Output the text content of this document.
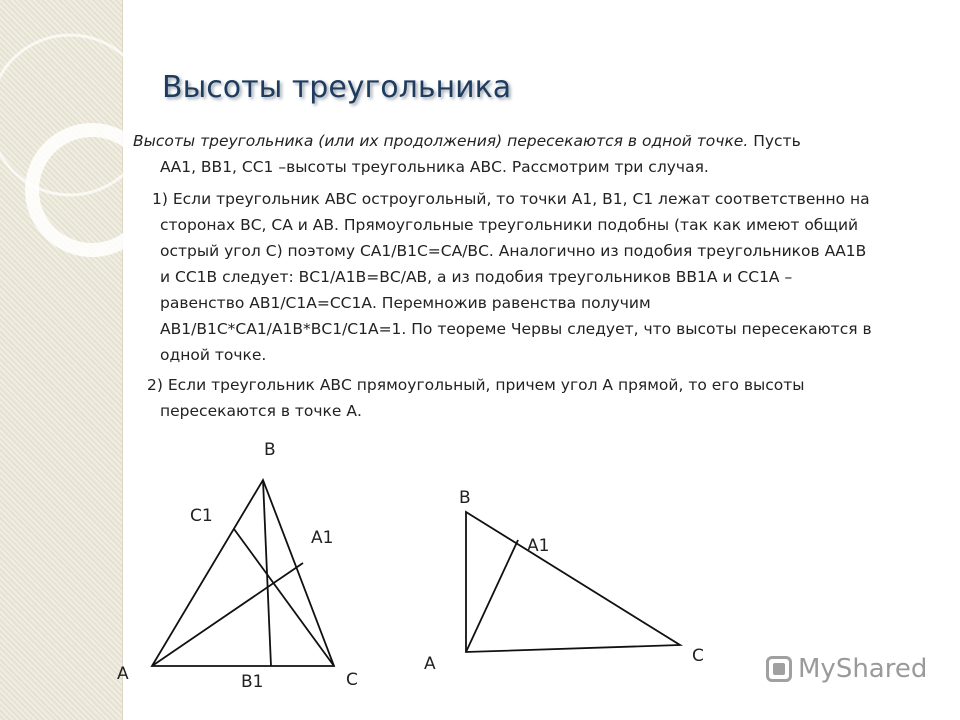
Высоты треугольника

Высоты треугольника (или их продолжения) пересекаются в одной точке. Пусть

АА1, ВВ1, СС1 –высоты треугольника АВС. Рассмотрим три случая.

1) Если треугольник АВС остроугольный, то точки А1, В1, С1 лежат соответственно на
сторонах ВС, СА и АВ. Прямоугольные треугольники подобны (так как имеют общий
острый угол С) поэтому СА1/В1С=СА/ВС. Аналогично из подобия треугольников АА1В
и СС1В следует: ВС1/А1В=ВС/АВ, а из подобия треугольников ВВ1А и СС1А –
равенство АВ1/С1А=СС1А. Перемножив равенства получим
АВ1/В1С*СА1/А1В*ВС1/С1А=1. По теореме Червы следует, что высоты пересекаются в
одной точке.
2) Если треугольник АВС прямоугольный, причем угол А прямой, то его высоты
пересекаются в точке А.
В
С1
А1
А	В1	С
В
А1
А	С	MyShared
